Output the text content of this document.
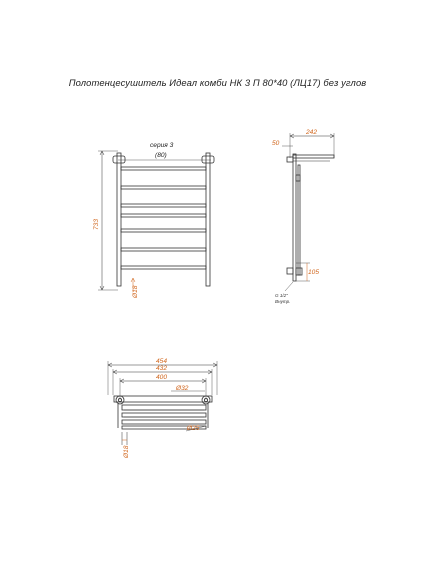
Полотенцесушитель Идеал комби НК 3 П 80*40 (ЛЦ17) без углов
серия 3
(80)
733
Ø18
242
50
105
G 1/2"
Внутр.
454
432
400
Ø32
Ø25
Ø18
